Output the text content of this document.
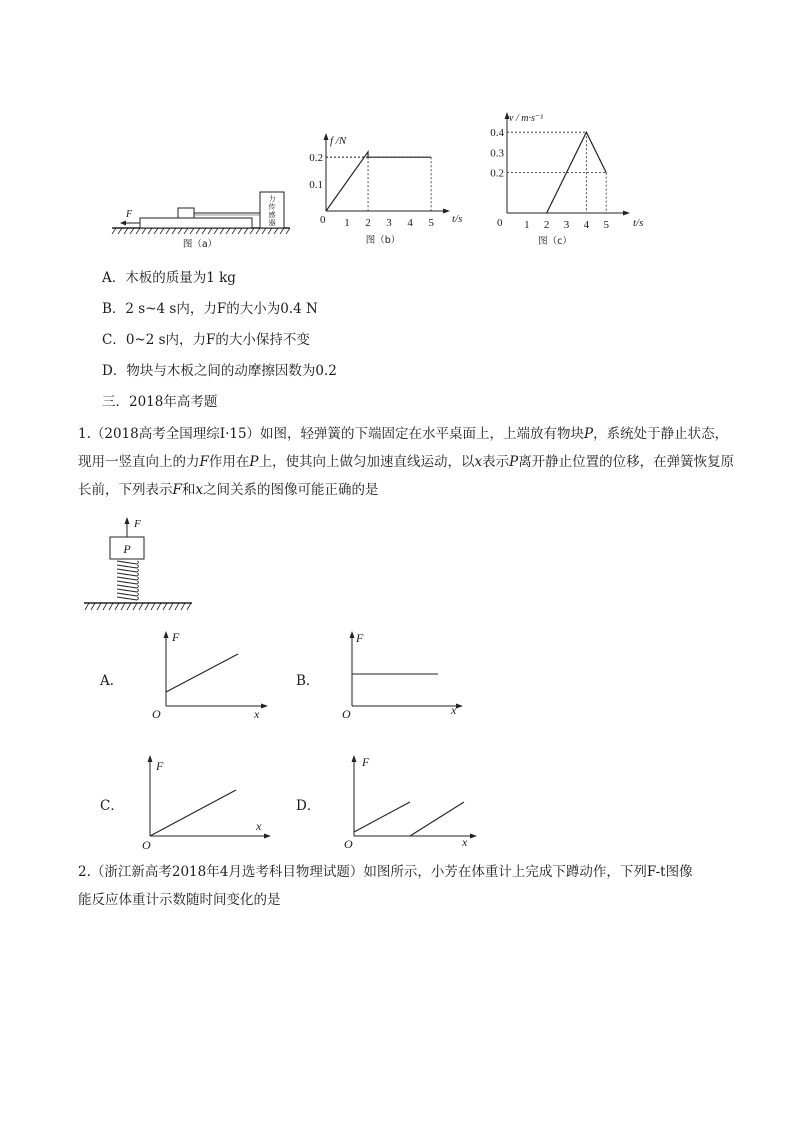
力
传
感
器
F
图（a）
f /N
t/s
0 1 2 3 4 5
0.1
0.2
图（b）
v / m·s⁻¹
t/s
0 1 2 3 4 5
0.2
0.3
0.4
图（c）
A．木板的质量为1 kg
B．2 s~4 s内，力F的大小为0.4 N
C．0~2 s内，力F的大小保持不变
D．物块与木板之间的动摩擦因数为0.2
三．2018年高考题
1.（2018高考全国理综Ⅰ·15）如图，轻弹簧的下端固定在水平桌面上，上端放有物块P，系统处于静止状态，现用一竖直向上的力F作用在P上，使其向上做匀加速直线运动，以x表示P离开静止位置的位移，在弹簧恢复原长前，下列表示F和x之间关系的图像可能正确的是
F
P
A．
F
x
O
B．
F
x
O
C．
F
x
O
D．
F
x
O
2.（浙江新高考2018年4月选考科目物理试题）如图所示，小芳在体重计上完成下蹲动作，下列F-t图像
能反应体重计示数随时间变化的是
